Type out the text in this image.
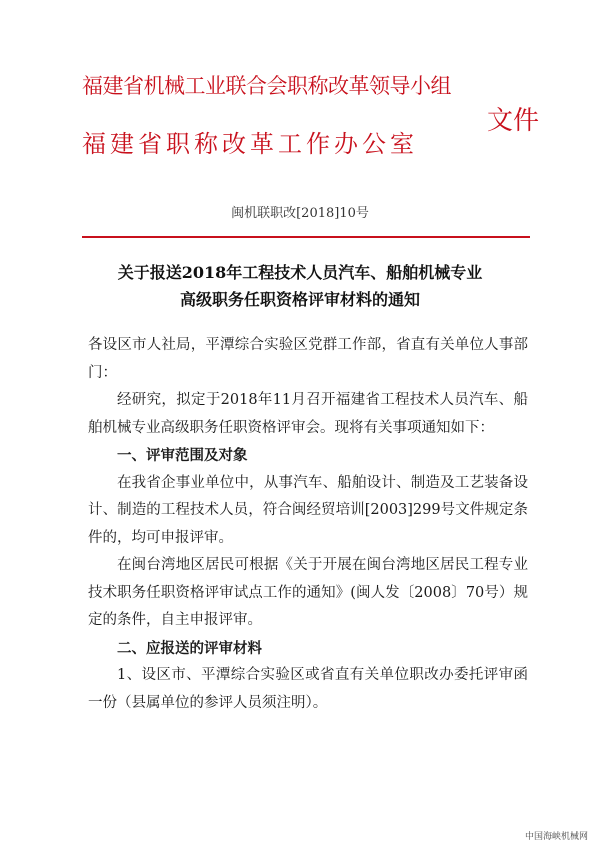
福建省机械工业联合会职称改革领导小组
福建省职称改革工作办公室
文件
闽机联职改[2018]10号
关于报送2018年工程技术人员汽车、船舶机械专业
高级职务任职资格评审材料的通知

各设区市人社局，平潭综合实验区党群工作部，省直有关单位人事部门：

经研究，拟定于2018年11月召开福建省工程技术人员汽车、船舶机械专业高级职务任职资格评审会。现将有关事项通知如下：

一、评审范围及对象

在我省企事业单位中，从事汽车、船舶设计、制造及工艺装备设计、制造的工程技术人员，符合闽经贸培训[2003]299号文件规定条件的，均可申报评审。

在闽台湾地区居民可根据《关于开展在闽台湾地区居民工程专业技术职务任职资格评审试点工作的通知》(闽人发〔2008〕70号）规定的条件，自主申报评审。

二、应报送的评审材料

1、设区市、平潭综合实验区或省直有关单位职改办委托评审函一份（县属单位的参评人员须注明）。

中国海峡机械网
